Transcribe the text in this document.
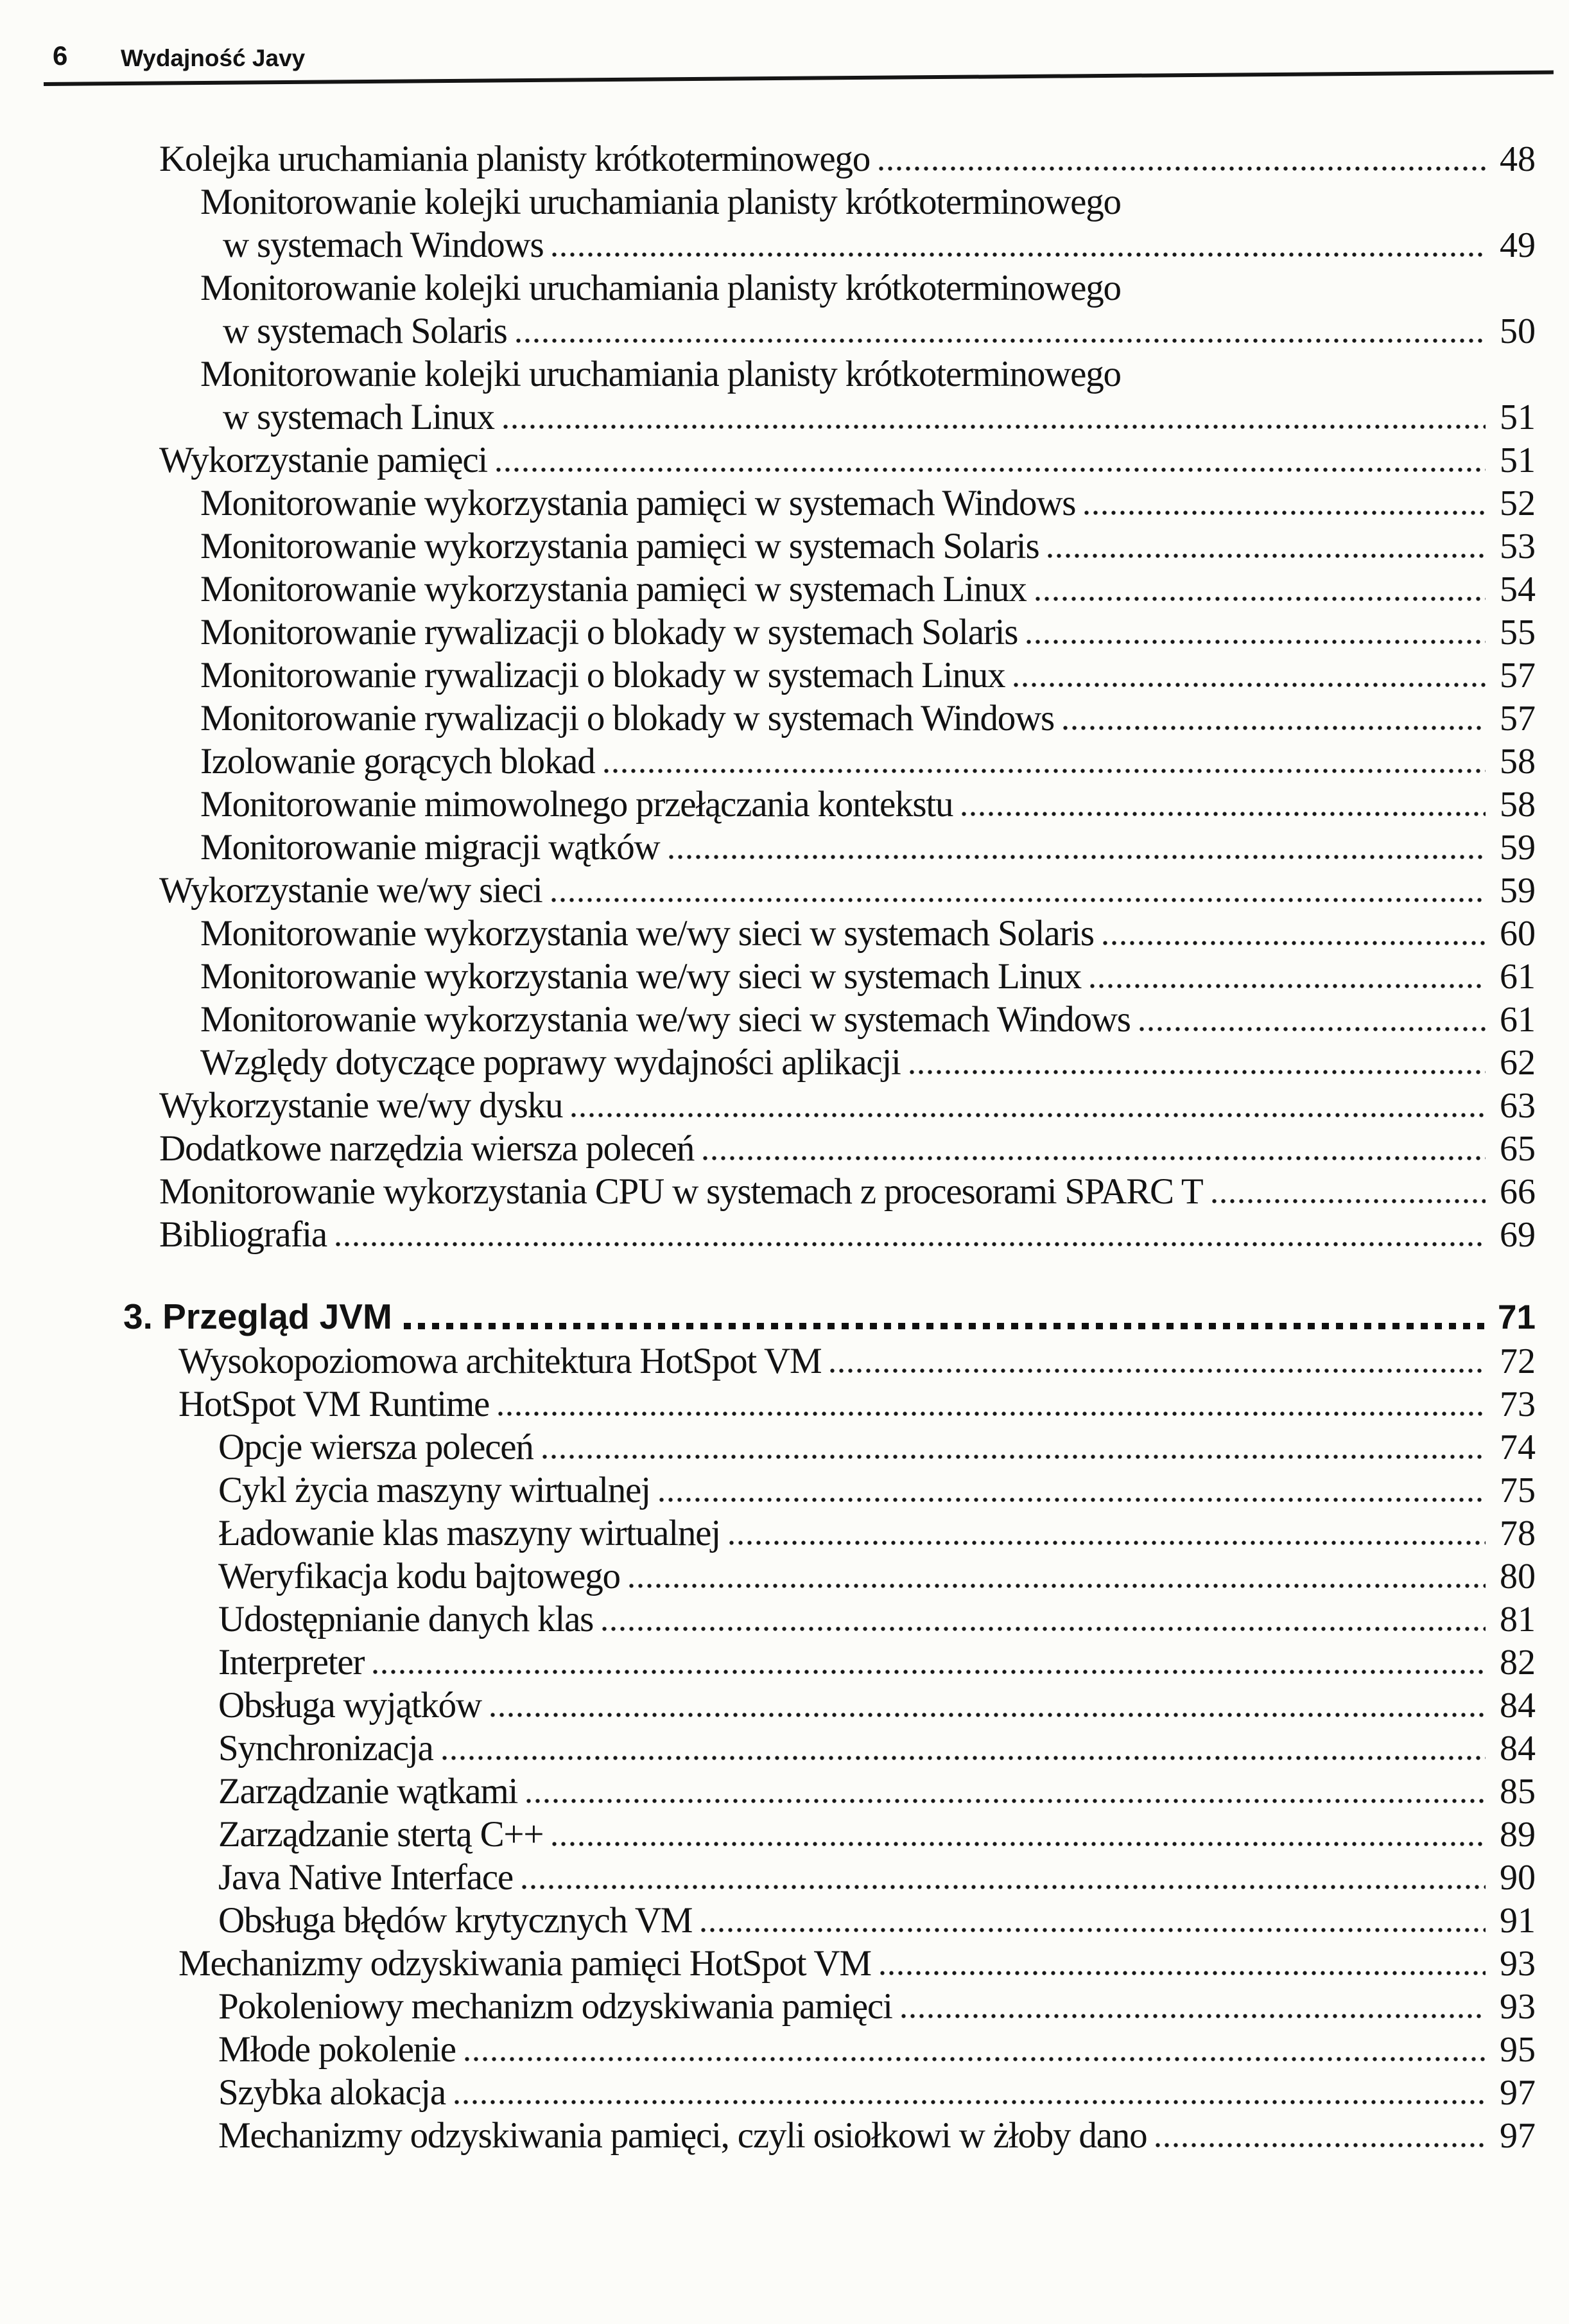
6 Wydajność Javy
Kolejka uruchamiania planisty krótkoterminowego	48
Monitorowanie kolejki uruchamiania planisty krótkoterminowego
w systemach Windows	49
Monitorowanie kolejki uruchamiania planisty krótkoterminowego
w systemach Solaris	50
Monitorowanie kolejki uruchamiania planisty krótkoterminowego
w systemach Linux	51
Wykorzystanie pamięci	51
Monitorowanie wykorzystania pamięci w systemach Windows	52
Monitorowanie wykorzystania pamięci w systemach Solaris	53
Monitorowanie wykorzystania pamięci w systemach Linux	54
Monitorowanie rywalizacji o blokady w systemach Solaris	55
Monitorowanie rywalizacji o blokady w systemach Linux	57
Monitorowanie rywalizacji o blokady w systemach Windows	57
Izolowanie gorących blokad	58
Monitorowanie mimowolnego przełączania kontekstu	58
Monitorowanie migracji wątków	59
Wykorzystanie we/wy sieci	59
Monitorowanie wykorzystania we/wy sieci w systemach Solaris	60
Monitorowanie wykorzystania we/wy sieci w systemach Linux	61
Monitorowanie wykorzystania we/wy sieci w systemach Windows	61
Względy dotyczące poprawy wydajności aplikacji	62
Wykorzystanie we/wy dysku	63
Dodatkowe narzędzia wiersza poleceń	65
Monitorowanie wykorzystania CPU w systemach z procesorami SPARC T	66
Bibliografia	69
3. Przegląd JVM	71
Wysokopoziomowa architektura HotSpot VM	72
HotSpot VM Runtime	73
Opcje wiersza poleceń	74
Cykl życia maszyny wirtualnej	75
Ładowanie klas maszyny wirtualnej	78
Weryfikacja kodu bajtowego	80
Udostępnianie danych klas	81
Interpreter	82
Obsługa wyjątków	84
Synchronizacja	84
Zarządzanie wątkami	85
Zarządzanie stertą C++	89
Java Native Interface	90
Obsługa błędów krytycznych VM	91
Mechanizmy odzyskiwania pamięci HotSpot VM	93
Pokoleniowy mechanizm odzyskiwania pamięci	93
Młode pokolenie	95
Szybka alokacja	97
Mechanizmy odzyskiwania pamięci, czyli osiołkowi w żłoby dano	97
